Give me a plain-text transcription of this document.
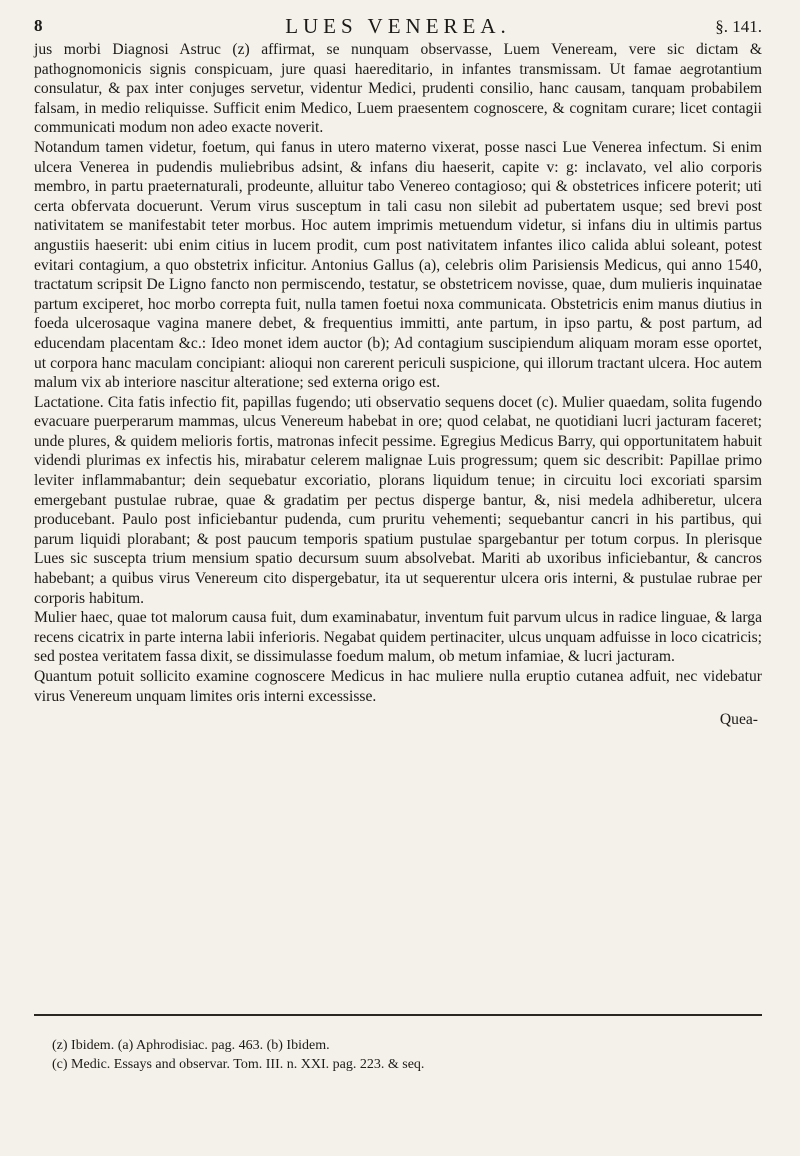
8	LUES VENEREA.	§. 141.

jus morbi Diagnosi Astruc (z) affirmat, se nunquam observasse, Luem Veneream, vere sic dictam & pathognomonicis signis conspicuam, jure quasi haereditario, in infantes transmissam. Ut famae aegrotantium consulatur, & pax inter conjuges servetur, videntur Medici, prudenti consilio, hanc causam, tanquam probabilem falsam, in medio reliquisse. Sufficit enim Medico, Luem praesentem cognoscere, & cognitam curare; licet contagii communicati modum non adeo exacte noverit.

Notandum tamen videtur, foetum, qui fanus in utero materno vixerat, posse nasci Lue Venerea infectum. Si enim ulcera Venerea in pudendis muliebribus adsint, & infans diu haeserit, capite v: g: inclavato, vel alio corporis membro, in partu praeternaturali, prodeunte, alluitur tabo Venereo contagioso; qui & obstetrices inficere poterit; uti certa obfervata docuerunt. Verum virus susceptum in tali casu non silebit ad pubertatem usque; sed brevi post nativitatem se manifestabit teter morbus. Hoc autem imprimis metuendum videtur, si infans diu in ultimis partus angustiis haeserit: ubi enim citius in lucem prodit, cum post nativitatem infantes ilico calida ablui soleant, potest evitari contagium, a quo obstetrix inficitur. Antonius Gallus (a), celebris olim Parisiensis Medicus, qui anno 1540, tractatum scripsit De Ligno fancto non permiscendo, testatur, se obstetricem novisse, quae, dum mulieris inquinatae partum exciperet, hoc morbo correpta fuit, nulla tamen foetui noxa communicata. Obstetricis enim manus diutius in foeda ulcerosaque vagina manere debet, & frequentius immitti, ante partum, in ipso partu, & post partum, ad educendam placentam &c.: Ideo monet idem auctor (b); Ad contagium suscipiendum aliquam moram esse oportet, ut corpora hanc maculam concipiant: alioqui non carerent periculi suspicione, qui illorum tractant ulcera. Hoc autem malum vix ab interiore nascitur alteratione; sed externa origo est.

Lactatione. Cita fatis infectio fit, papillas fugendo; uti observatio sequens docet (c). Mulier quaedam, solita fugendo evacuare puerperarum mammas, ulcus Venereum habebat in ore; quod celabat, ne quotidiani lucri jacturam faceret; unde plures, & quidem melioris fortis, matronas infecit pessime. Egregius Medicus Barry, qui opportunitatem habuit videndi plurimas ex infectis his, mirabatur celerem malignae Luis progressum; quem sic describit: Papillae primo leviter inflammabantur; dein sequebatur excoriatio, plorans liquidum tenue; in circuitu loci excoriati sparsim emergebant pustulae rubrae, quae & gradatim per pectus disperge bantur, &, nisi medela adhiberetur, ulcera producebant. Paulo post inficiebantur pudenda, cum pruritu vehementi; sequebantur cancri in his partibus, qui parum liquidi plorabant; & post paucum temporis spatium pustulae spargebantur per totum corpus. In plerisque Lues sic susceptа trium mensium spatio decursum suum absolvebat. Mariti ab uxoribus inficiebantur, & cancros habebant; a quibus virus Venereum cito dispergebatur, ita ut sequerentur ulcera oris interni, & pustulae rubrae per corporis habitum.

Mulier haec, quae tot malorum causa fuit, dum examinabatur, inventum fuit parvum ulcus in radice linguae, & larga recens cicatrix in parte interna labii inferioris. Negabat quidem pertinaciter, ulcus unquam adfuisse in loco cicatricis; sed postea veritatem fassa dixit, se dissimulasse foedum malum, ob metum infamiae, & lucri jacturam.

Quantum potuit sollicito examine cognoscere Medicus in hac muliere nulla eruptio cutanea adfuit, nec videbatur virus Venereum unquam limites oris interni excessisse.

Quea-
(z) Ibidem. (a) Aphrodisiac. pag. 463. (b) Ibidem.
(c) Medic. Essays and observar. Tom. III. n. XXI. pag. 223. & seq.
